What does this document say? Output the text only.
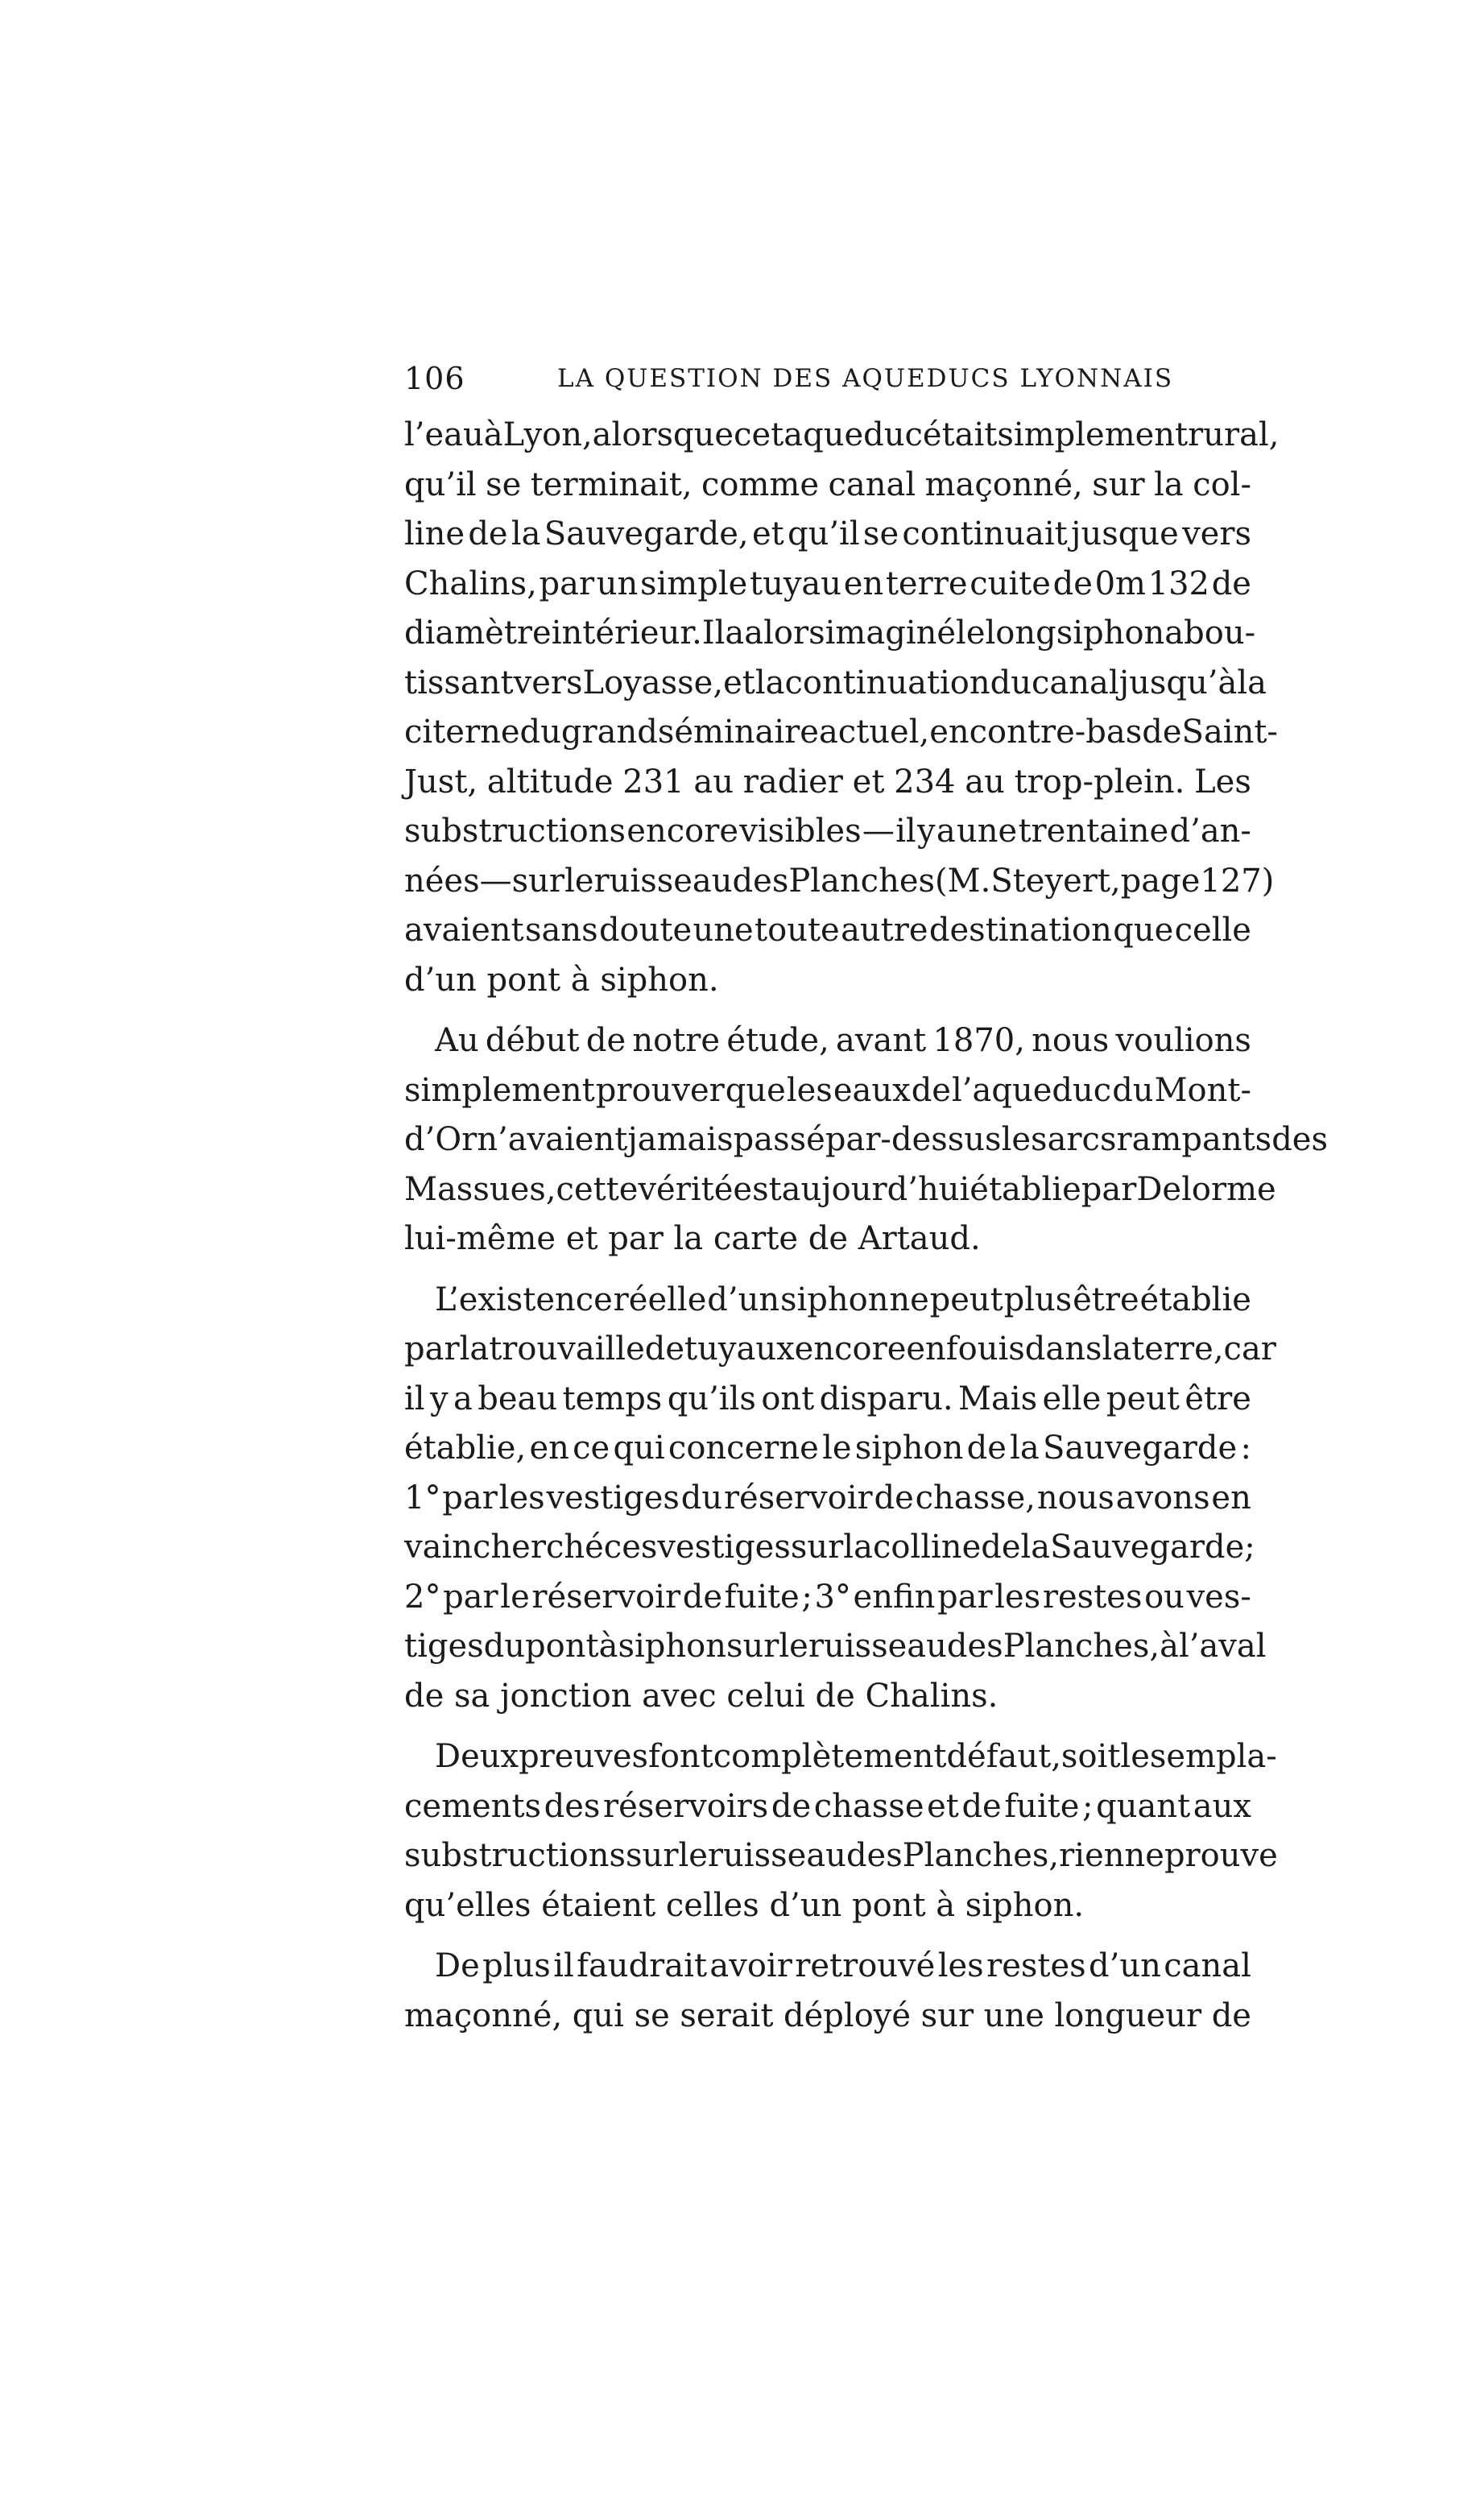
106	LA QUESTION DES AQUEDUCS LYONNAIS
l’eau à Lyon, alors que cet aqueduc était simplement rural,
qu’il se terminait, comme canal maçonné, sur la col-
line de la Sauvegarde, et qu’il se continuait jusque vers
Chalins, par un simple tuyau en terre cuite de 0m 132 de
diamètre intérieur. Il a alors imaginé le long siphon abou-
tissant vers Loyasse, et la continuation du canal jusqu’à la
citerne du grand séminaire actuel, en contre-bas de Saint-
Just, altitude 231 au radier et 234 au trop-plein. Les
substructions encore visibles — il y a une trentaine d’an-
nées — sur le ruisseau des Planches (M. Steyert, page 127)
avaient sans doute une toute autre destination que celle
d’un pont à siphon.
Au début de notre étude, avant 1870, nous voulions
simplement prouver que les eaux de l’aqueduc du Mont-
d’Or n’avaient jamais passé par-dessus les arcs rampants des
Massues, cette vérité est aujourd’hui établie par Delorme
lui-même et par la carte de Artaud.
L’existence réelle d’un siphon ne peut plus être établie
par la trouvaille de tuyaux encore enfouis dans la terre, car
il y a beau temps qu’ils ont disparu. Mais elle peut être
établie, en ce qui concerne le siphon de la Sauvegarde :
1° par les vestiges du réservoir de chasse, nous avons en
vain cherché ces vestiges sur la colline de la Sauvegarde ;
2° par le réservoir de fuite ; 3° enfin par les restes ou ves-
tiges du pont à siphon sur le ruisseau des Planches, à l’aval
de sa jonction avec celui de Chalins.
Deux preuves font complètement défaut, soit les empla-
cements des réservoirs de chasse et de fuite ; quant aux
substructions sur le ruisseau des Planches, rien ne prouve
qu’elles étaient celles d’un pont à siphon.
De plus il faudrait avoir retrouvé les restes d’un canal
maçonné, qui se serait déployé sur une longueur de
